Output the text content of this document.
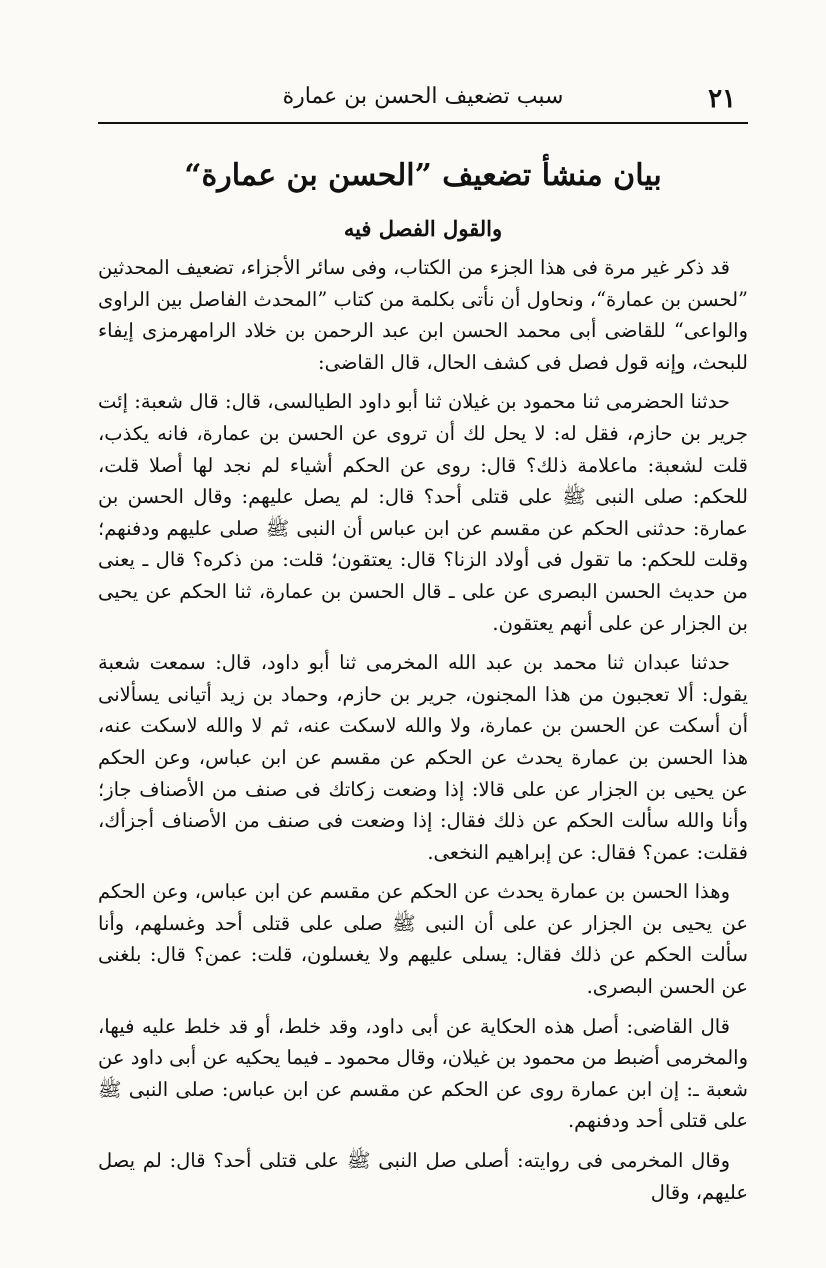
٢١
سبب تضعيف الحسن بن عمارة
بيان منشأ تضعيف ”الحسن بن عمارة“
والقول الفصل فيه

قد ذكر غير مرة فى هذا الجزء من الكتاب، وفى سائر الأجزاء، تضعيف المحدثين ”لحسن بن عمارة“، ونحاول أن نأتى بكلمة من كتاب ”المحدث الفاصل بين الراوى والواعى“ للقاضى أبى محمد الحسن ابن عبد الرحمن بن خلاد الرامهرمزى إيفاء للبحث، وإنه قول فصل فى كشف الحال، قال القاضى:

حدثنا الحضرمى ثنا محمود بن غيلان ثنا أبو داود الطيالسى، قال: قال شعبة: إئت جرير بن حازم، فقل له: لا يحل لك أن تروى عن الحسن بن عمارة، فانه يكذب، قلت لشعبة: ماعلامة ذلك؟ قال: روى عن الحكم أشياء لم نجد لها أصلا قلت، للحكم: صلى النبى ﷺ على قتلى أحد؟ قال: لم يصل عليهم: وقال الحسن بن عمارة: حدثنى الحكم عن مقسم عن ابن عباس أن النبى ﷺ صلى عليهم ودفنهم؛ وقلت للحكم: ما تقول فى أولاد الزنا؟ قال: يعتقون؛ قلت: من ذكره؟ قال ـ يعنى من حديث الحسن البصرى عن على ـ قال الحسن بن عمارة، ثنا الحكم عن يحيى بن الجزار عن على أنهم يعتقون.

حدثنا عبدان ثنا محمد بن عبد الله المخرمى ثنا أبو داود، قال: سمعت شعبة يقول: ألا تعجبون من هذا المجنون، جرير بن حازم، وحماد بن زيد أتيانى يسألانى أن أسكت عن الحسن بن عمارة، ولا والله لاسكت عنه، ثم لا والله لاسكت عنه، هذا الحسن بن عمارة يحدث عن الحكم عن مقسم عن ابن عباس، وعن الحكم عن يحيى بن الجزار عن على قالا: إذا وضعت زكاتك فى صنف من الأصناف جاز؛ وأنا والله سألت الحكم عن ذلك فقال: إذا وضعت فى صنف من الأصناف أجزأك، فقلت: عمن؟ فقال: عن إبراهيم النخعى.

وهذا الحسن بن عمارة يحدث عن الحكم عن مقسم عن ابن عباس، وعن الحكم عن يحيى بن الجزار عن على أن النبى ﷺ صلى على قتلى أحد وغسلهم، وأنا سألت الحكم عن ذلك فقال: يسلى عليهم ولا يغسلون، قلت: عمن؟ قال: بلغنى عن الحسن البصرى.

قال القاضى: أصل هذه الحكاية عن أبى داود، وقد خلط، أو قد خلط عليه فيها، والمخرمى أضبط من محمود بن غيلان، وقال محمود ـ فيما يحكيه عن أبى داود عن شعبة ـ: إن ابن عمارة روى عن الحكم عن مقسم عن ابن عباس: صلى النبى ﷺ على قتلى أحد ودفنهم.

وقال المخرمى فى روايته: أصلى صل النبى ﷺ على قتلى أحد؟ قال: لم يصل عليهم، وقال
